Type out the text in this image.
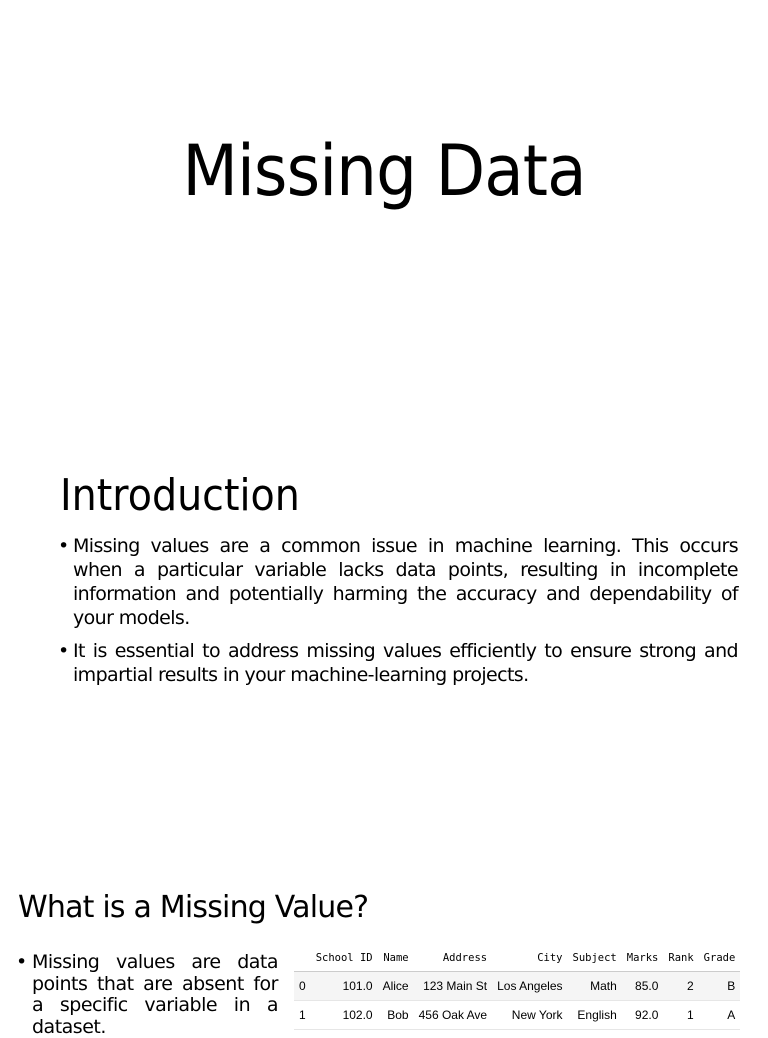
Missing Data
Introduction
• Missing values are a common issue in machine learning. This occurs when a particular variable lacks data points, resulting in incomplete information and potentially harming the accuracy and dependability of your models.
• It is essential to address missing values efficiently to ensure strong and impartial results in your machine-learning projects.
What is a Missing Value?
• Missing values are data points that are absent for a specific variable in a dataset.
	School ID	Name	Address	City	Subject	Marks	Rank	Grade
0	101.0	Alice	123 Main St	Los Angeles	Math	85.0	2	B
1	102.0	Bob	456 Oak Ave	New York	English	92.0	1	A
